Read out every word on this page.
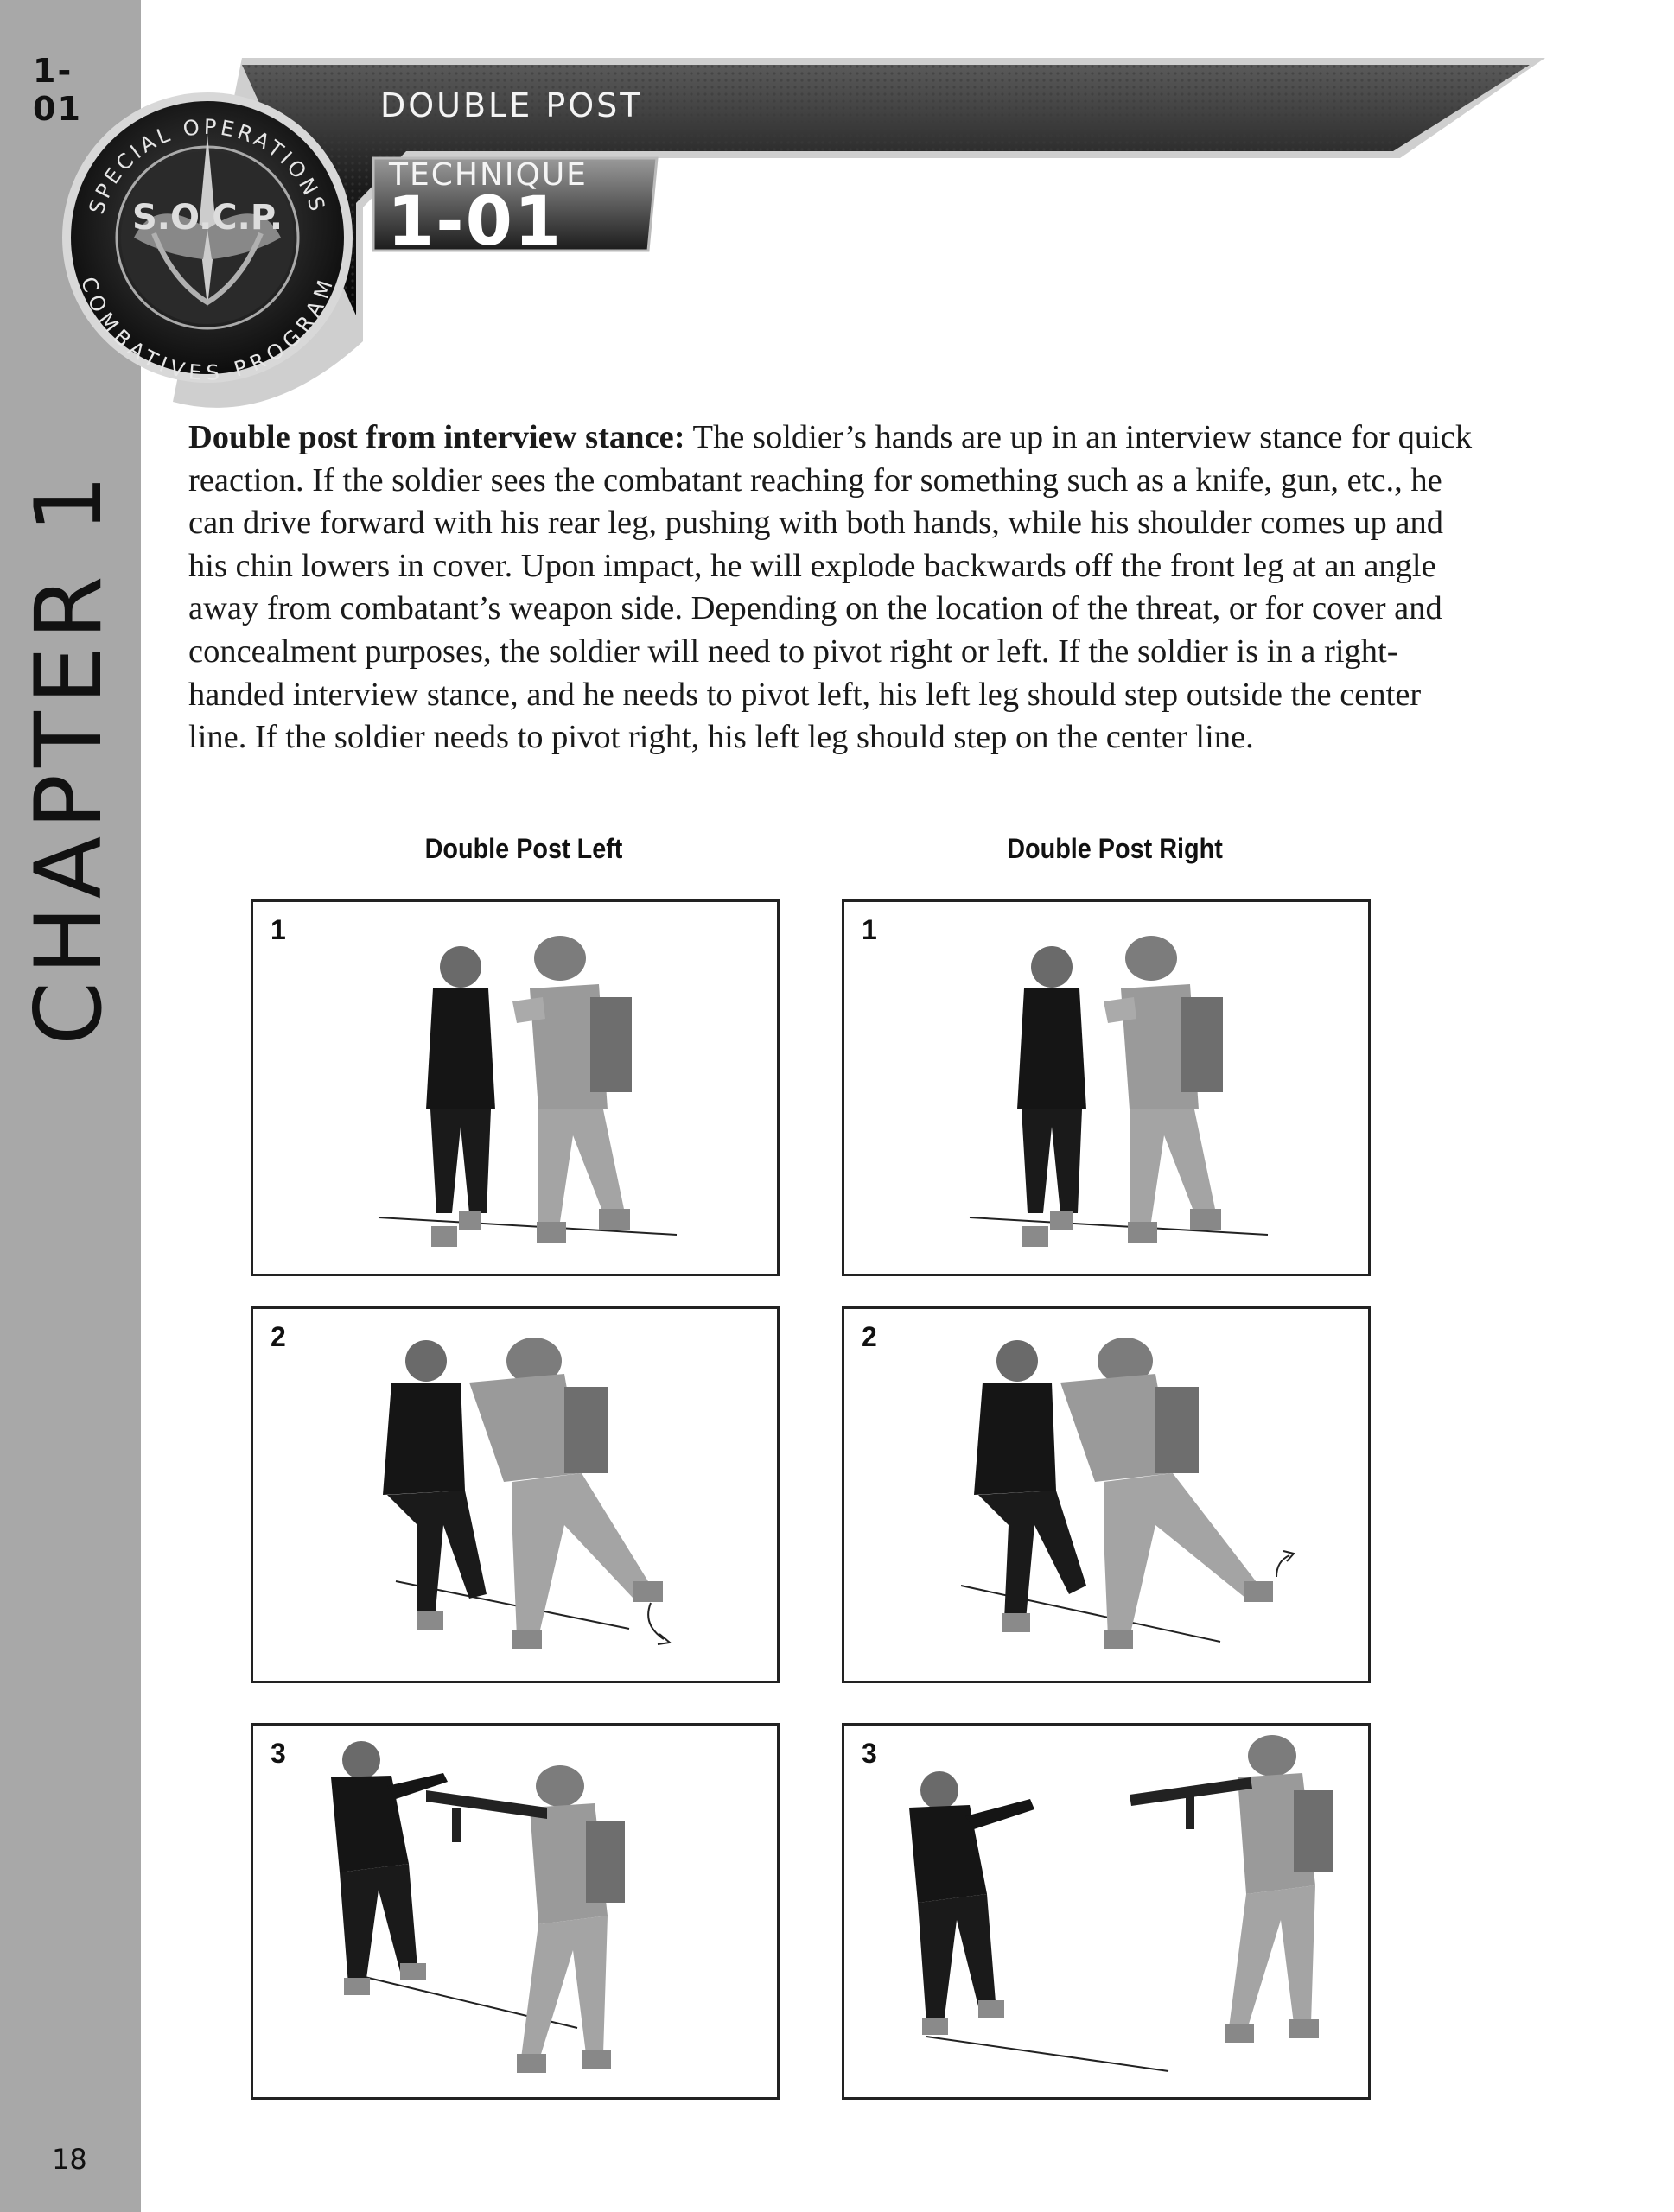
1-01
CHAPTER 1
18
DOUBLE POST
TECHNIQUE
1-01
SPECIAL OPERATIONS
S.O.C.P.
COMBATIVES PROGRAM
Double post from interview stance: The soldier’s hands are up in an interview stance for quick reaction. If the soldier sees the combatant reaching for something such as a knife, gun, etc., he can drive forward with his rear leg, pushing with both hands, while his shoulder comes up and his chin lowers in cover. Upon impact, he will explode backwards off the front leg at an angle away from combatant’s weapon side. Depending on the location of the threat, or for cover and concealment purposes, the soldier will need to pivot right or left. If the soldier is in a right-handed interview stance, and he needs to pivot left, his left leg should step outside the center line. If the soldier needs to pivot right, his left leg should step on the center line.
Double Post Left	Double Post Right
1
2
3
1
2
3
